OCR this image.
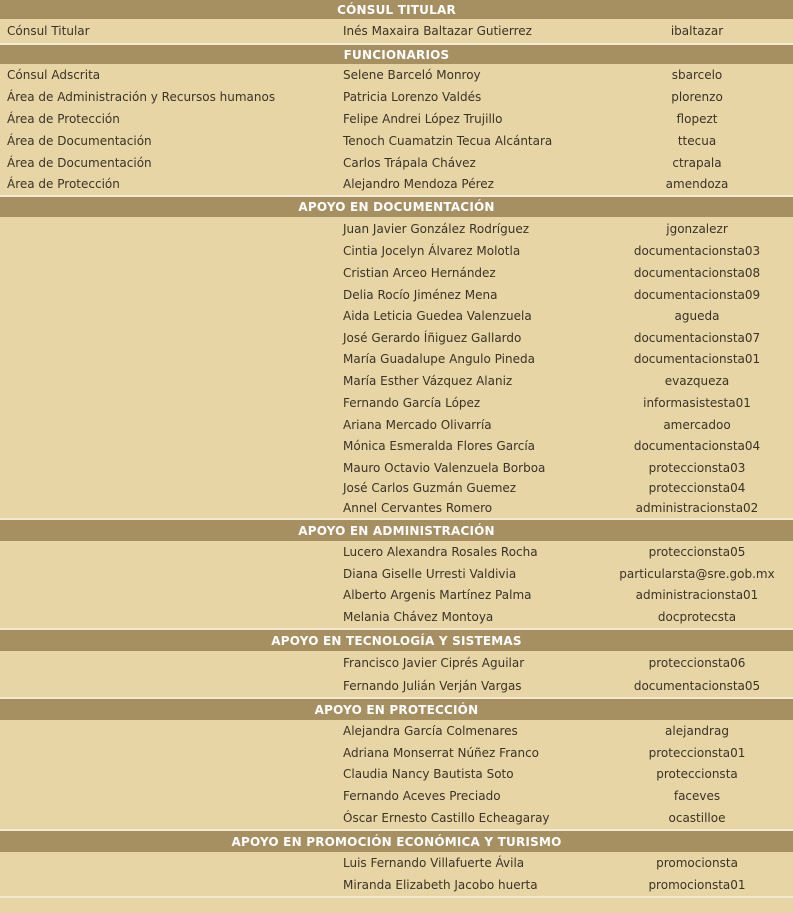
CÓNSUL TITULAR
Cónsul Titular	Inés Maxaira Baltazar Gutierrez	ibaltazar
FUNCIONARIOS
Cónsul Adscrita	Selene Barceló Monroy	sbarcelo
Área de Administración y Recursos humanos	Patricia Lorenzo Valdés	plorenzo
Área de Protección	Felipe Andrei López Trujillo	flopezt
Área de Documentación	Tenoch Cuamatzin Tecua Alcántara	ttecua
Área de Documentación	Carlos Trápala Chávez	ctrapala
Área de Protección	Alejandro Mendoza Pérez	amendoza
APOYO EN DOCUMENTACIÓN
Juan Javier González Rodríguez	jgonzalezr
Cintia Jocelyn Álvarez Molotla	documentacionsta03
Cristian Arceo Hernández	documentacionsta08
Delia Rocío Jiménez Mena	documentacionsta09
Aida Leticia Guedea Valenzuela	agueda
José Gerardo Íñiguez Gallardo	documentacionsta07
María Guadalupe Angulo Pineda	documentacionsta01
María Esther Vázquez Alaniz	evazqueza
Fernando García López	informasistesta01
Ariana Mercado Olivarría	amercadoo
Mónica Esmeralda Flores García	documentacionsta04
Mauro Octavio Valenzuela Borboa	proteccionsta03
José Carlos Guzmán Guemez	proteccionsta04
Annel Cervantes Romero	administracionsta02
APOYO EN ADMINISTRACIÓN
Lucero Alexandra Rosales Rocha	proteccionsta05
Diana Giselle Urresti Valdivia	particularsta@sre.gob.mx
Alberto Argenis Martínez Palma	administracionsta01
Melania Chávez Montoya	docprotecsta
APOYO EN TECNOLOGÍA Y SISTEMAS
Francisco Javier Ciprés Aguilar	proteccionsta06
Fernando Julián Verján Vargas	documentacionsta05
APOYO EN PROTECCIÓN
Alejandra García Colmenares	alejandrag
Adriana Monserrat Núñez Franco	proteccionsta01
Claudia Nancy Bautista Soto	proteccionsta
Fernando Aceves Preciado	faceves
Óscar Ernesto Castillo Echeagaray	ocastilloe
APOYO EN PROMOCIÓN ECONÓMICA Y TURISMO
Luis Fernando Villafuerte Ávila	promocionsta
Miranda Elizabeth Jacobo huerta	promocionsta01
